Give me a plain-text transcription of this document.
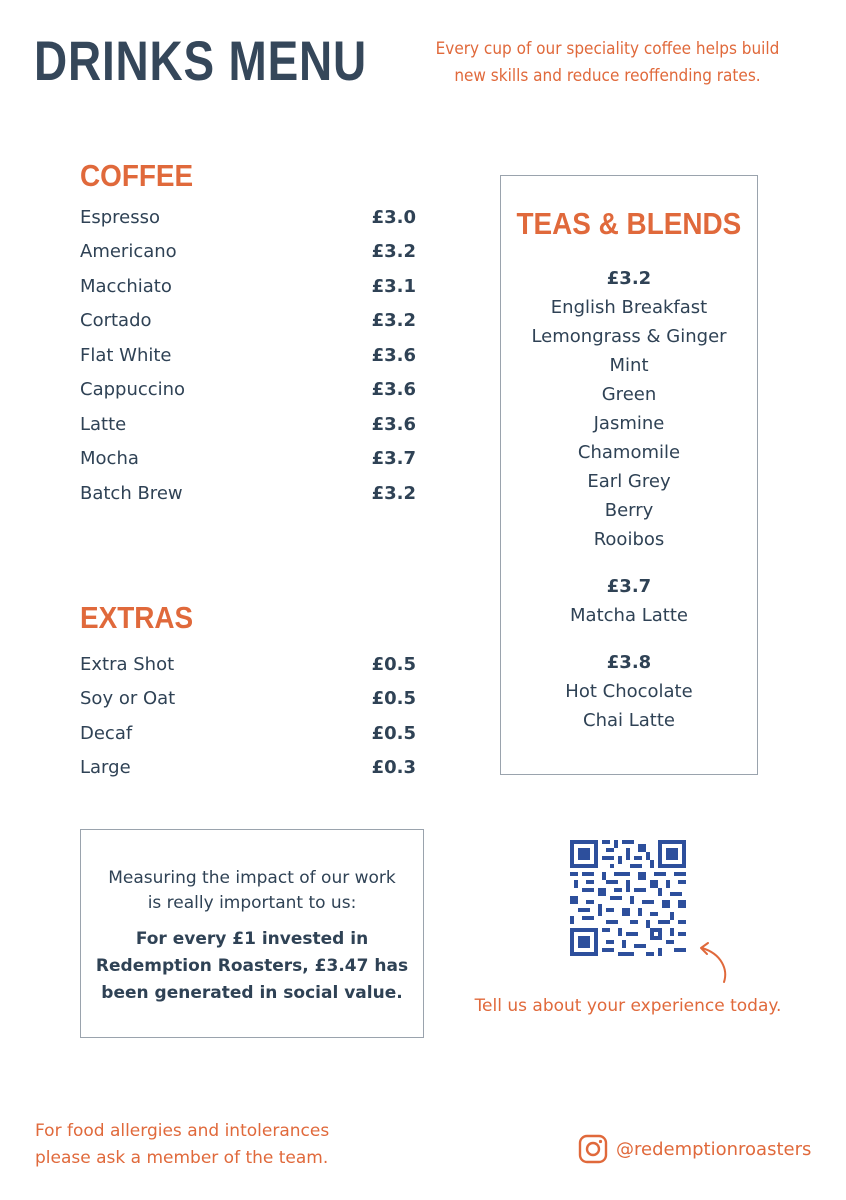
DRINKS MENU	Every cup of our speciality coffee helps build
new skills and reduce reoffending rates.
COFFEE
Espresso	£3.0
Americano	£3.2
Macchiato	£3.1
Cortado	£3.2
Flat White	£3.6
Cappuccino	£3.6
Latte	£3.6
Mocha	£3.7
Batch Brew	£3.2
EXTRAS
Extra Shot	£0.5
Soy or Oat	£0.5
Decaf	£0.5
Large	£0.3
TEAS & BLENDS
£3.2
English Breakfast
Lemongrass & Ginger
Mint
Green
Jasmine
Chamomile
Earl Grey
Berry
Rooibos
£3.7
Matcha Latte
£3.8
Hot Chocolate
Chai Latte
Measuring the impact of our work
is really important to us:
For every £1 invested in
Redemption Roasters, £3.47 has
been generated in social value.
Tell us about your experience today.
For food allergies and intolerances
please ask a member of the team.	@redemptionroasters
